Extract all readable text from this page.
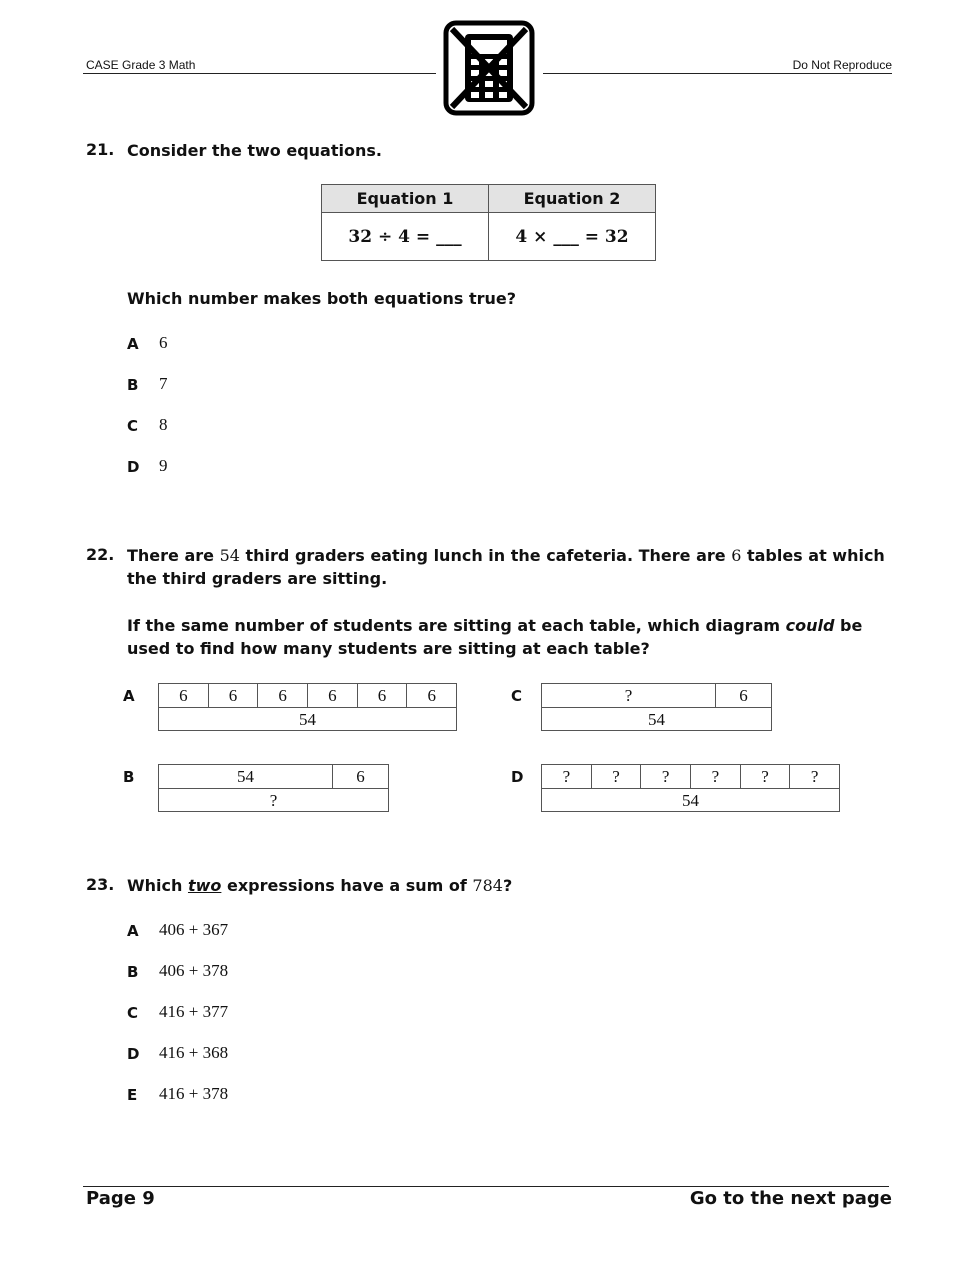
CASE Grade 3 Math	Do Not Reproduce
21. Consider the two equations.
Equation 1	Equation 2
32 ÷ 4 = ___	4 × ___ = 32
Which number makes both equations true?
A 6
B 7
C 8
D 9
22. There are 54 third graders eating lunch in the cafeteria. There are 6 tables at which the third graders are sitting.
If the same number of students are sitting at each table, which diagram could be used to find how many students are sitting at each table?
A	6	6	6	6	6	6
54
C	?	6
54
B	54	6
?
D	?	?	?	?	?	?
54
23. Which two expressions have a sum of 784?
A 406 + 367
B 406 + 378
C 416 + 377
D 416 + 368
E 416 + 378
Page 9	Go to the next page
